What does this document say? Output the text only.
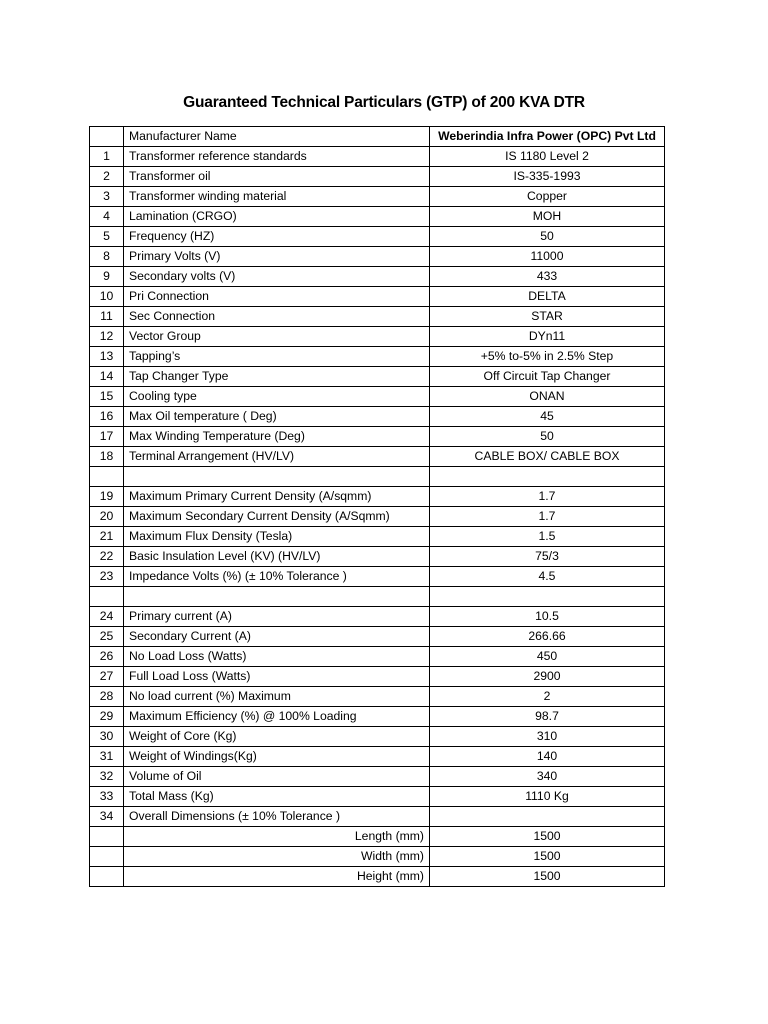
Guaranteed Technical Particulars (GTP) of 200 KVA DTR
	Manufacturer Name	Weberindia Infra Power (OPC) Pvt Ltd
1	Transformer reference standards	IS 1180 Level 2
2	Transformer oil	IS-335-1993
3	Transformer winding material	Copper
4	Lamination (CRGO)	MOH
5	Frequency (HZ)	50
8	Primary Volts (V)	11000
9	Secondary volts (V)	433
10	Pri Connection	DELTA
11	Sec Connection	STAR
12	Vector Group	DYn11
13	Tapping’s	+5% to-5% in 2.5% Step
14	Tap Changer Type	Off Circuit Tap Changer
15	Cooling type	ONAN
16	Max Oil temperature ( Deg)	45
17	Max Winding Temperature (Deg)	50
18	Terminal Arrangement (HV/LV)	CABLE BOX/ CABLE BOX

19	Maximum Primary Current Density (A/sqmm)	1.7
20	Maximum Secondary Current Density (A/Sqmm)	1.7
21	Maximum Flux Density (Tesla)	1.5
22	Basic Insulation Level (KV) (HV/LV)	75/3
23	Impedance Volts (%) (± 10% Tolerance )	4.5

24	Primary current (A)	10.5
25	Secondary Current (A)	266.66
26	No Load Loss (Watts)	450
27	Full Load Loss (Watts)	2900
28	No load current (%) Maximum	2
29	Maximum Efficiency (%) @ 100% Loading	98.7
30	Weight of Core (Kg)	310
31	Weight of Windings(Kg)	140
32	Volume of Oil	340
33	Total Mass (Kg)	1110 Kg
34	Overall Dimensions (± 10% Tolerance )	
	Length (mm)	1500
	Width (mm)	1500
	Height (mm)	1500
